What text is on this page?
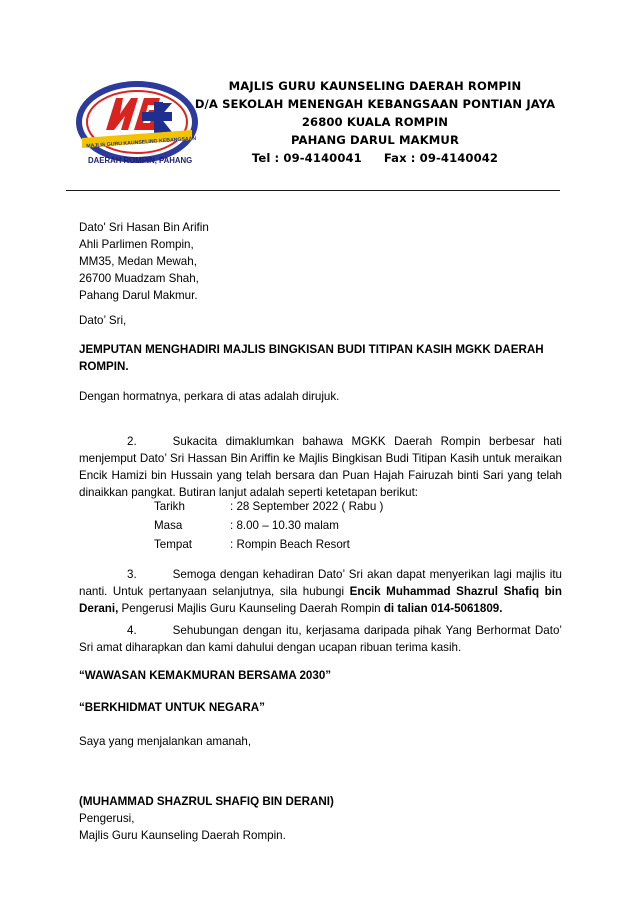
MAJLIS GURU KAUNSELING KEBANGSAAN
DAERAH ROMPIN, PAHANG
MAJLIS GURU KAUNSELING DAERAH ROMPIN
D/A SEKOLAH MENENGAH KEBANGSAAN PONTIAN JAYA
26800 KUALA ROMPIN
PAHANG DARUL MAKMUR
Tel : 09-4140041 Fax : 09-4140042
Dato' Sri Hasan Bin Arifin
Ahli Parlimen Rompin,
MM35, Medan Mewah,
26700 Muadzam Shah,
Pahang Darul Makmur.
Dato’ Sri,
JEMPUTAN MENGHADIRI MAJLIS BINGKISAN BUDI TITIPAN KASIH MGKK DAERAH ROMPIN.
Dengan hormatnya, perkara di atas adalah dirujuk.
2.	Sukacita dimaklumkan bahawa MGKK Daerah Rompin berbesar hati menjemput Dato’ Sri Hassan Bin Ariffin ke Majlis Bingkisan Budi Titipan Kasih untuk meraikan Encik Hamizi bin Hussain yang telah bersara dan Puan Hajah Fairuzah binti Sari yang telah dinaikkan pangkat. Butiran lanjut adalah seperti ketetapan berikut:
Tarikh	: 28 September 2022 ( Rabu )
Masa	: 8.00 – 10.30 malam
Tempat	: Rompin Beach Resort
3.	Semoga dengan kehadiran Dato’ Sri akan dapat menyerikan lagi majlis itu nanti. Untuk pertanyaan selanjutnya, sila hubungi Encik Muhammad Shazrul Shafiq bin Derani, Pengerusi Majlis Guru Kaunseling Daerah Rompin di talian 014-5061809.
4.	Sehubungan dengan itu, kerjasama daripada pihak Yang Berhormat Dato’ Sri amat diharapkan dan kami dahului dengan ucapan ribuan terima kasih.
“WAWASAN KEMAKMURAN BERSAMA 2030”
“BERKHIDMAT UNTUK NEGARA”
Saya yang menjalankan amanah,
(MUHAMMAD SHAZRUL SHAFIQ BIN DERANI)
Pengerusi,
Majlis Guru Kaunseling Daerah Rompin.
